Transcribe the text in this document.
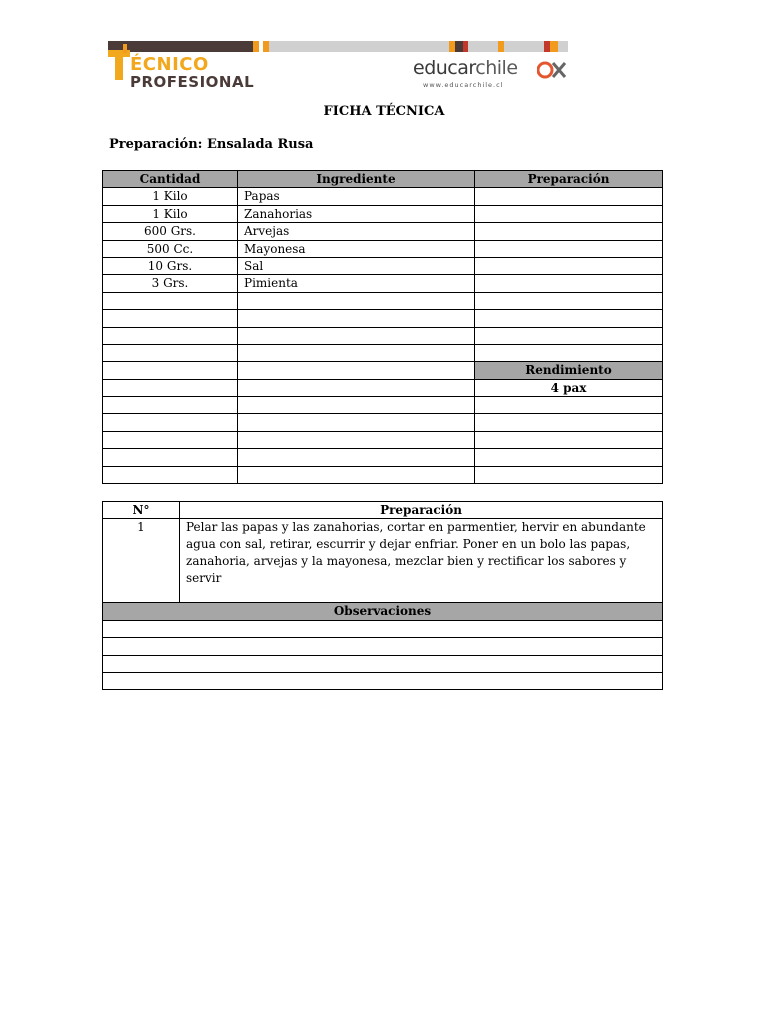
ÉCNICO
PROFESIONAL
educarchile
www.educarchile.cl
FICHA TÉCNICA
Preparación: Ensalada Rusa
Cantidad	Ingrediente	Preparación
1 Kilo	Papas	
1 Kilo	Zanahorias	
600 Grs.	Arvejas	
500 Cc.	Mayonesa	
10 Grs.	Sal	
3 Grs.	Pimienta	

		Rendimiento
		4 pax

N°	Preparación
1	Pelar las papas y las zanahorias, cortar en parmentier, hervir en abundante agua con sal, retirar, escurrir y dejar enfriar. Poner en un bolo las papas, zanahoria, arvejas y la mayonesa, mezclar bien y rectificar los sabores y servir
Observaciones	
